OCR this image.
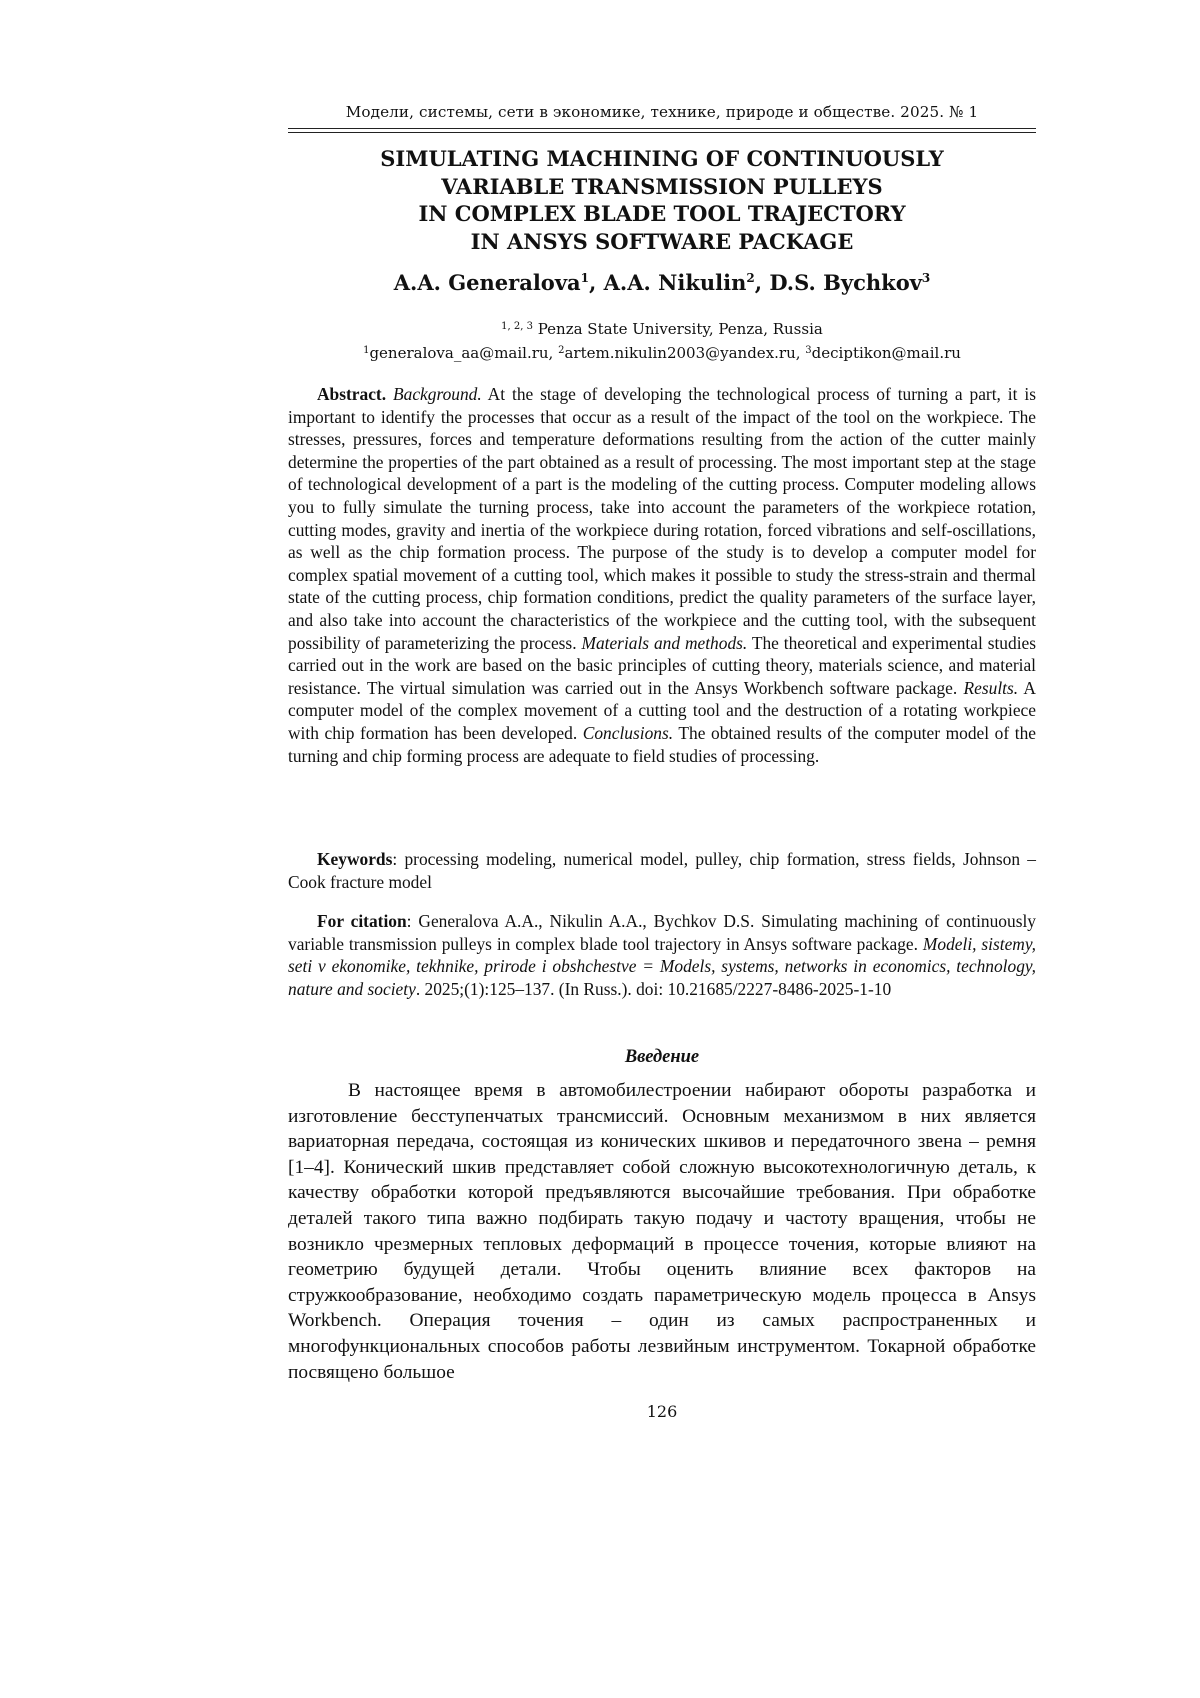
Модели, системы, сети в экономике, технике, природе и обществе. 2025. № 1
SIMULATING MACHINING OF CONTINUOUSLY
VARIABLE TRANSMISSION PULLEYS
IN COMPLEX BLADE TOOL TRAJECTORY
IN ANSYS SOFTWARE PACKAGE
A.A. Generalova$^1$, A.A. Nikulin$^2$, D.S. Bychkov$^3$
$^{1, 2, 3}$ Penza State University, Penza, Russia
$^1$generalova_aa@mail.ru, $^2$artem.nikulin2003@yandex.ru, $^3$deciptikon@mail.ru

Abstract. Background. At the stage of developing the technological process of turning a part, it is important to identify the processes that occur as a result of the impact of the tool on the workpiece. The stresses, pressures, forces and temperature deformations resulting from the action of the cutter mainly determine the properties of the part obtained as a result of processing. The most important step at the stage of technological development of a part is the modeling of the cutting process. Computer modeling allows you to fully simulate the turning process, take into account the parameters of the workpiece rotation, cutting modes, gravity and inertia of the workpiece during rotation, forced vibrations and self-oscillations, as well as the chip formation process. The purpose of the study is to develop a computer model for complex spatial movement of a cutting tool, which makes it possible to study the stress-strain and thermal state of the cutting process, chip formation conditions, predict the quality parameters of the surface layer, and also take into account the characteristics of the workpiece and the cutting tool, with the subsequent possibility of parameterizing the process. Materials and methods. The theoretical and experimental studies carried out in the work are based on the basic principles of cutting theory, materials science, and material resistance. The virtual simulation was carried out in the Ansys Workbench software package. Results. A computer model of the complex movement of a cutting tool and the destruction of a rotating workpiece with chip formation has been developed. Conclusions. The obtained results of the computer model of the turning and chip forming process are adequate to field studies of processing.

Keywords: processing modeling, numerical model, pulley, chip formation, stress fields, Johnson – Cook fracture model

For citation: Generalova A.A., Nikulin A.A., Bychkov D.S. Simulating machining of continuously variable transmission pulleys in complex blade tool trajectory in Ansys software package. Modeli, sistemy, seti v ekonomike, tekhnike, prirode i obshchestve = Models, systems, networks in economics, technology, nature and society. 2025;(1):125–137. (In Russ.). doi: 10.21685/2227-8486-2025-1-10

Введение

В настоящее время в автомобилестроении набирают обороты разработка и изготовление бесступенчатых трансмиссий. Основным механизмом в них является вариаторная передача, состоящая из конических шкивов и передаточного звена – ремня [1–4]. Конический шкив представляет собой сложную высокотехнологичную деталь, к качеству обработки которой предъявляются высочайшие требования. При обработке деталей такого типа важно подбирать такую подачу и частоту вращения, чтобы не возникло чрезмерных тепловых деформаций в процессе точения, которые влияют на геометрию будущей детали. Чтобы оценить влияние всех факторов на стружкообразование, необходимо создать параметрическую модель процесса в Ansys Workbench. Операция точения – один из самых распространенных и многофункциональных способов работы лезвийным инструментом. Токарной обработке посвящено большое

126
